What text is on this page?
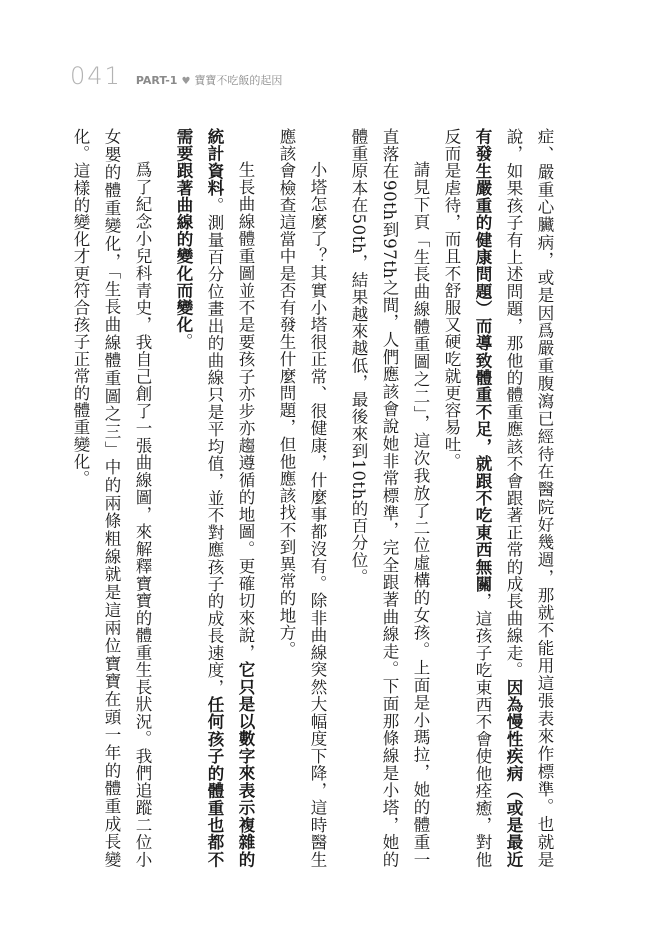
041 PART-1 ♥ 寶寶不吃飯的起因

症、嚴重心臟病，或是因爲嚴重腹瀉已經待在醫院好幾週，那就不能用這張表來作標準。也就是說，如果孩子有上述問題，那他的體重應該不會跟著正常的成長曲線走。因為慢性疾病（或是最近有發生嚴重的健康問題）而導致體重不足，就跟不吃東西無關，這孩子吃東西不會使他痊癒，對他反而是虐待，而且不舒服又硬吃就更容易吐。

請見下頁「生長曲線體重圖之二」，這次我放了二位虛構的女孩。上面是小瑪拉，她的體重一直落在90th到97th之間，人們應該會說她非常標準，完全跟著曲線走。下面那條線是小塔，她的體重原本在50th，結果越來越低，最後來到10th的百分位。

小塔怎麼了？其實小塔很正常、很健康，什麼事都沒有。除非曲線突然大幅度下降，這時醫生應該會檢查這當中是否有發生什麼問題，但他應該找不到異常的地方。

生長曲線體重圖並不是要孩子亦步亦趨遵循的地圖。更確切來說，它只是以數字來表示複雜的統計資料。測量百分位畫出的曲線只是平均值，並不對應孩子的成長速度，任何孩子的體重也都不需要跟著曲線的變化而變化。

爲了紀念小兒科青史，我自己創了一張曲線圖，來解釋寶寶的體重生長狀況。我們追蹤二位小女嬰的體重變化，「生長曲線體重圖之三」中的兩條粗線就是這兩位寶寶在頭一年的體重成長變化。這樣的變化才更符合孩子正常的體重變化。
